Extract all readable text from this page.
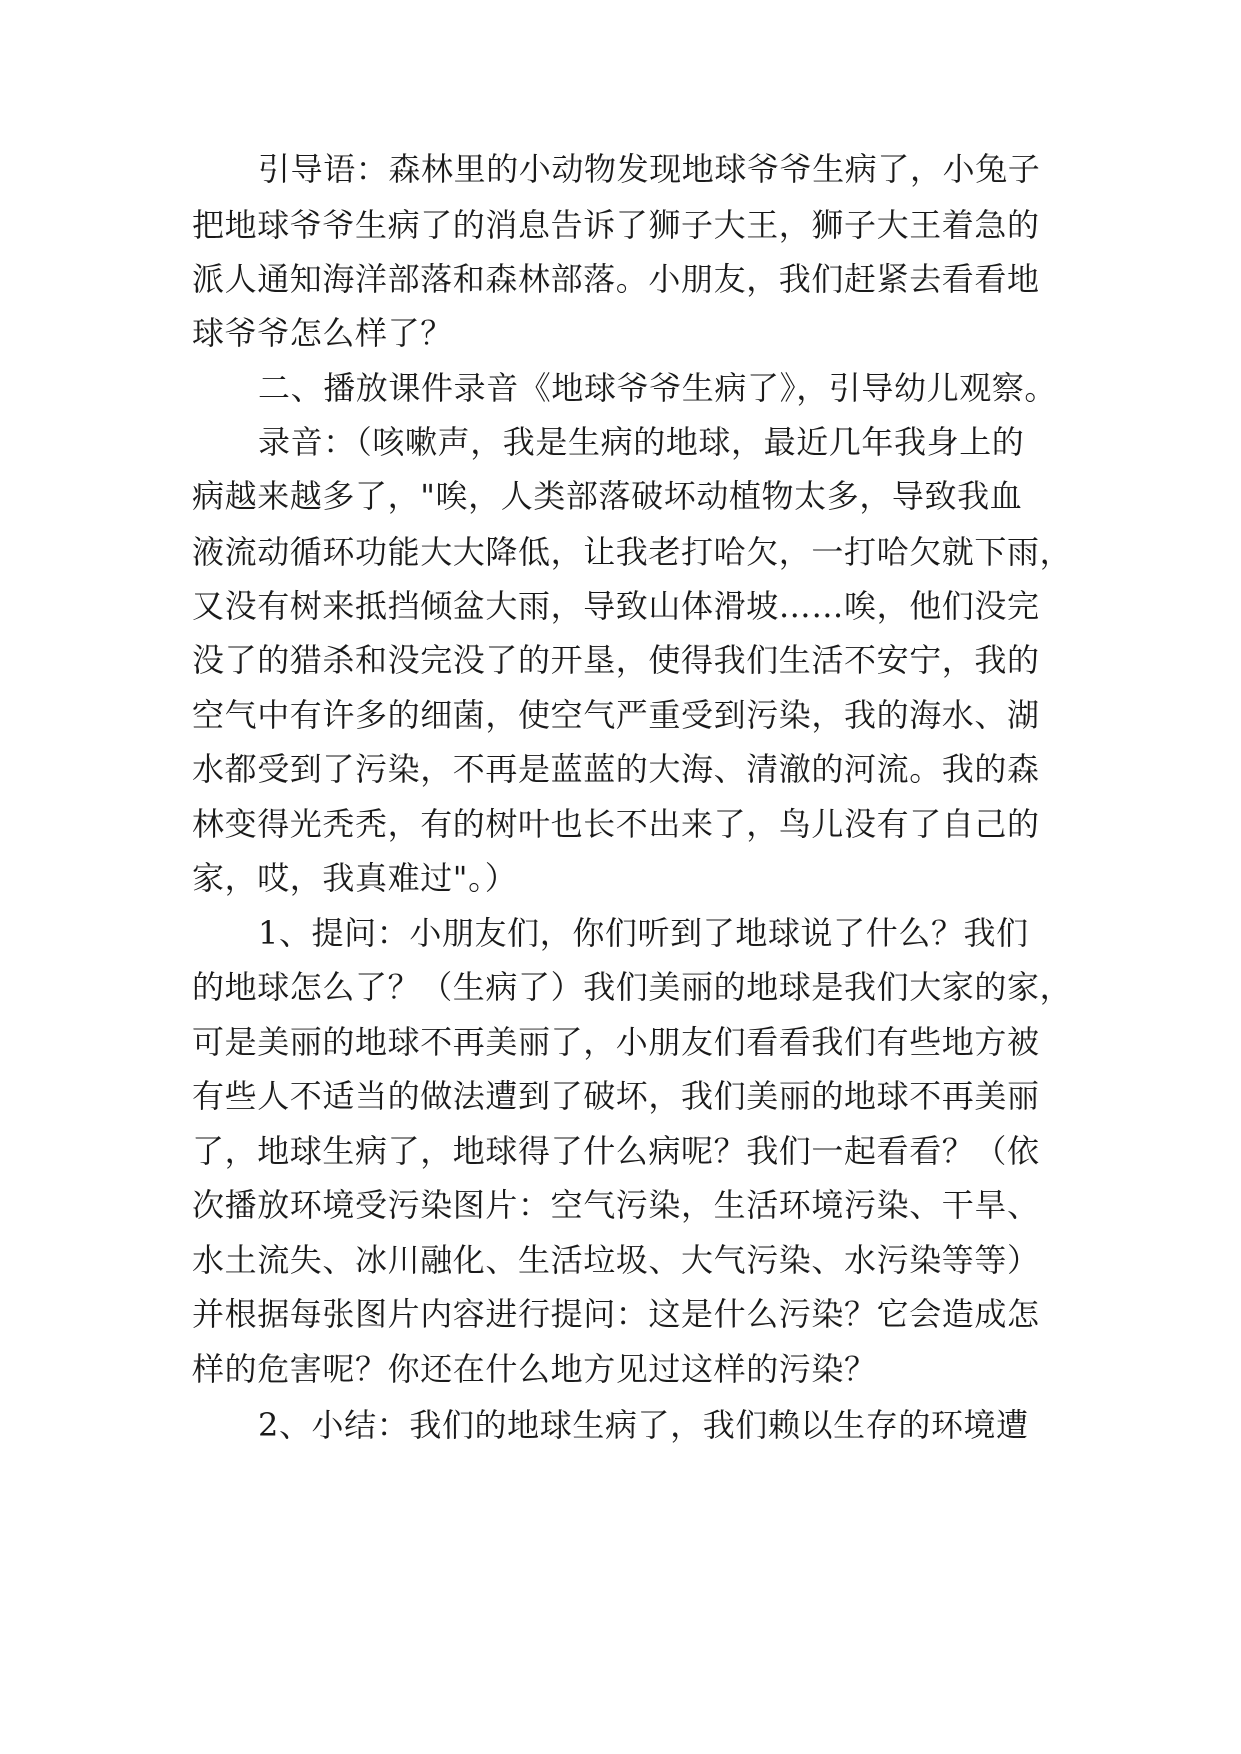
引导语：森林里的小动物发现地球爷爷生病了，小兔子
把地球爷爷生病了的消息告诉了狮子大王，狮子大王着急的
派人通知海洋部落和森林部落。小朋友，我们赶紧去看看地
球爷爷怎么样了？
二、播放课件录音《地球爷爷生病了》，引导幼儿观察。
录音：（咳嗽声，我是生病的地球，最近几年我身上的
病越来越多了，"唉，人类部落破坏动植物太多，导致我血
液流动循环功能大大降低，让我老打哈欠，一打哈欠就下雨，
又没有树来抵挡倾盆大雨，导致山体滑坡……唉，他们没完
没了的猎杀和没完没了的开垦，使得我们生活不安宁，我的
空气中有许多的细菌，使空气严重受到污染，我的海水、湖
水都受到了污染，不再是蓝蓝的大海、清澈的河流。我的森
林变得光秃秃，有的树叶也长不出来了，鸟儿没有了自己的
家，哎，我真难过"。）
1、提问：小朋友们，你们听到了地球说了什么？我们
的地球怎么了？（生病了）我们美丽的地球是我们大家的家，
可是美丽的地球不再美丽了，小朋友们看看我们有些地方被
有些人不适当的做法遭到了破坏，我们美丽的地球不再美丽
了，地球生病了，地球得了什么病呢？我们一起看看？（依
次播放环境受污染图片：空气污染，生活环境污染、干旱、
水土流失、冰川融化、生活垃圾、大气污染、水污染等等）
并根据每张图片内容进行提问：这是什么污染？它会造成怎
样的危害呢？你还在什么地方见过这样的污染？
2、小结：我们的地球生病了，我们赖以生存的环境遭
